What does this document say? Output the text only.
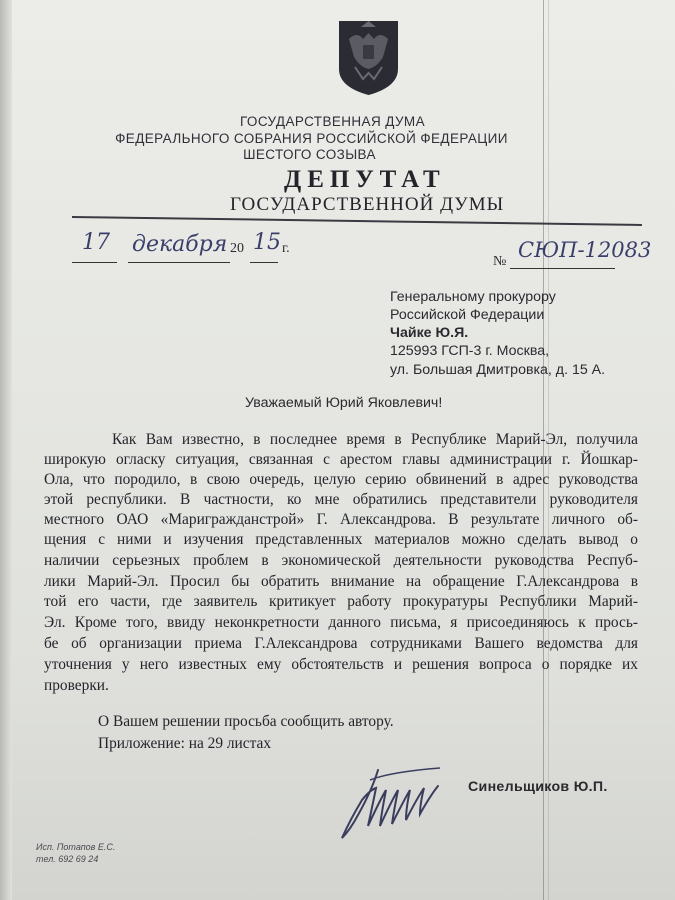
ГОСУДАРСТВЕННАЯ ДУМА
ФЕДЕРАЛЬНОГО СОБРАНИЯ РОССИЙСКОЙ ФЕДЕРАЦИИ
ШЕСТОГО СОЗЫВА
ДЕПУТАТ
ГОСУДАРСТВЕННОЙ ДУМЫ
17 декабря 20 15 г.
№ СЮП-12083
Генеральному прокурору
Российской Федерации
Чайке Ю.Я.
125993 ГСП-3 г. Москва,
ул. Большая Дмитровка, д. 15 А.
Уважаемый Юрий Яковлевич!
Как Вам известно, в последнее время в Республике Марий-Эл, получила
широкую огласку ситуация, связанная с арестом главы администрации г. Йошкар-
Ола, что породило, в свою очередь, целую серию обвинений в адрес руководства
этой республики. В частности, ко мне обратились представители руководителя
местного ОАО «Мариграждaнстрой» Г. Александрова. В результате личного об-
щения с ними и изучения представленных материалов можно сделать вывод о
наличии серьезных проблем в экономической деятельности руководства Респуб-
лики Марий-Эл. Просил бы обратить внимание на обращение Г.Александрова в
той его части, где заявитель критикует работу прокуратуры Республики Марий-
Эл. Кроме того, ввиду неконкретности данного письма, я присоединяюсь к прось-
бе об организации приема Г.Александрова сотрудниками Вашего ведомства для
уточнения у него известных ему обстоятельств и решения вопроса о порядке их
проверки.
О Вашем решении просьба сообщить автору.
Приложение: на 29 листах
Синельщиков Ю.П.
Исп. Потапов Е.С.
тел. 692 69 24
